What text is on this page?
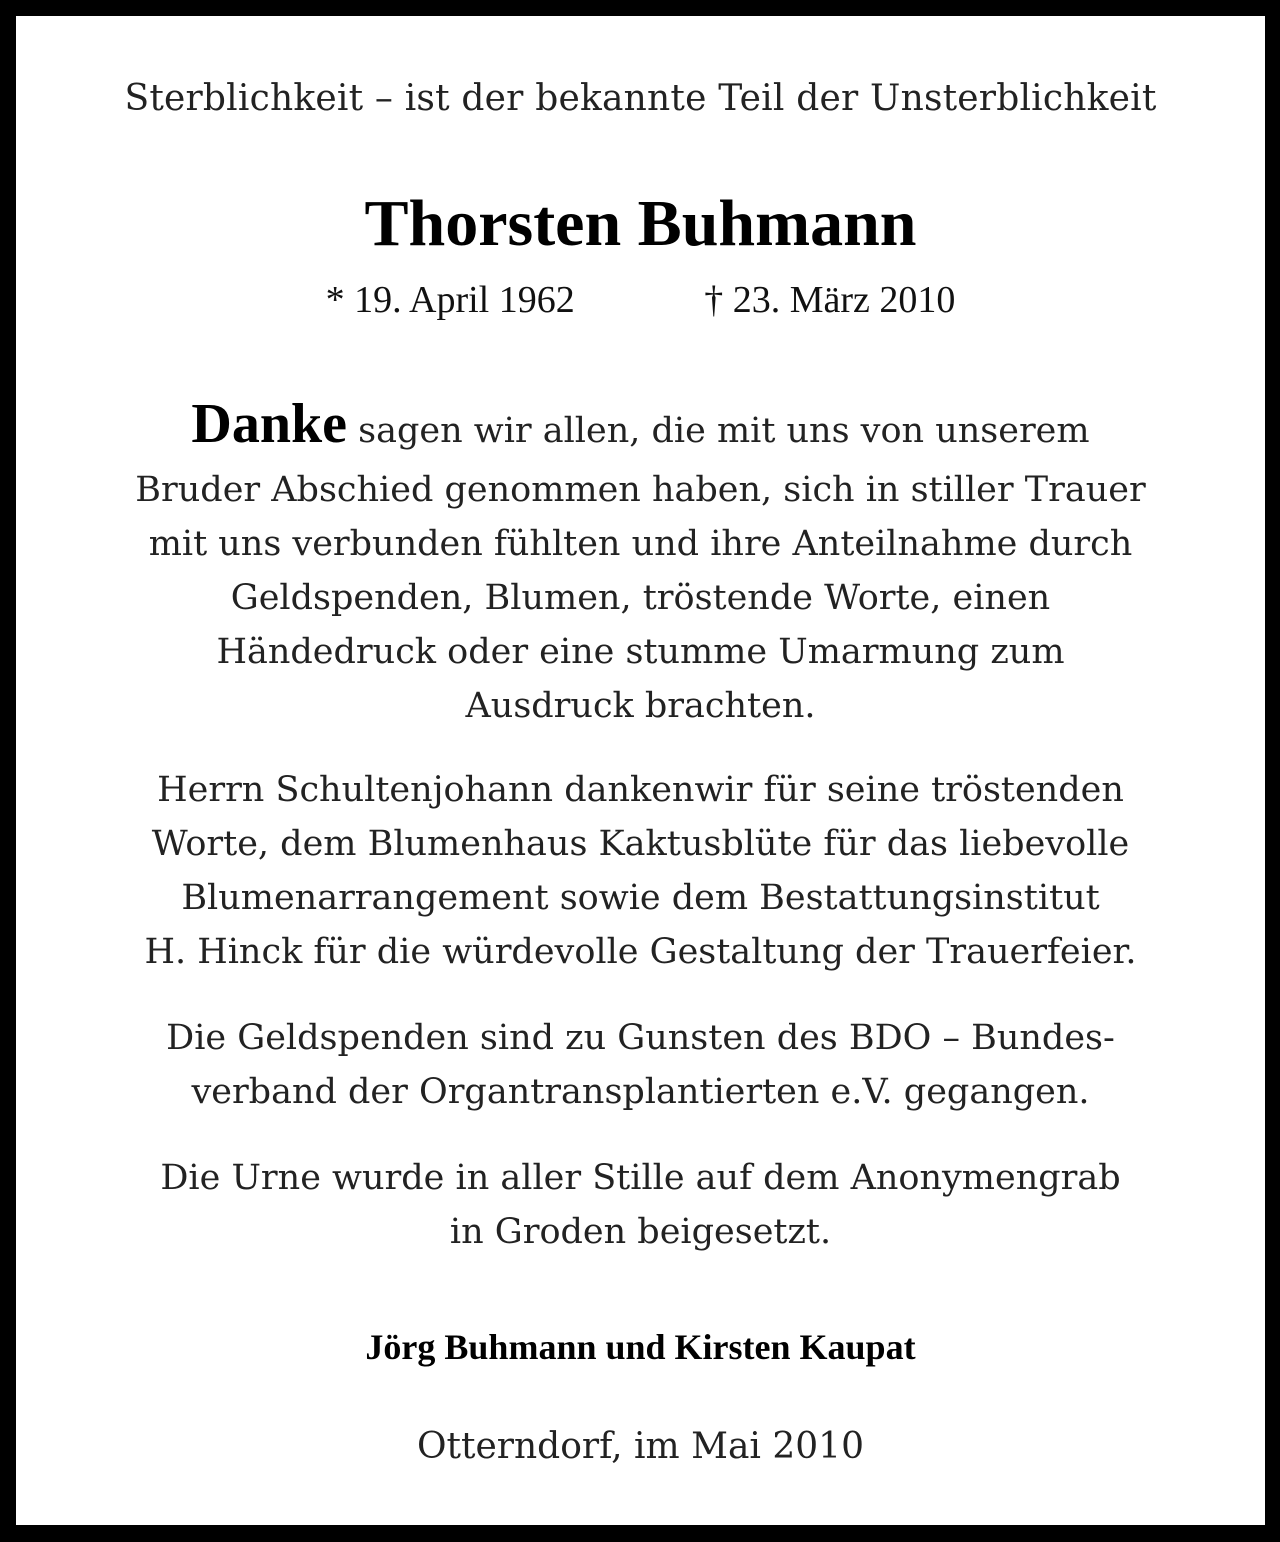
Sterblichkeit – ist der bekannte Teil der Unsterblichkeit
Thorsten Buhmann
* 19. April 1962	† 23. März 2010
Danke sagen wir allen, die mit uns von unserem
Bruder Abschied genommen haben, sich in stiller Trauer
mit uns verbunden fühlten und ihre Anteilnahme durch
Geldspenden, Blumen, tröstende Worte, einen
Händedruck oder eine stumme Umarmung zum
Ausdruck brachten.
Herrn Schultenjohann dankenwir für seine tröstenden
Worte, dem Blumenhaus Kaktusblüte für das liebevolle
Blumenarrangement sowie dem Bestattungsinstitut
H. Hinck für die würdevolle Gestaltung der Trauerfeier.
Die Geldspenden sind zu Gunsten des BDO – Bundes-
verband der Organtransplantierten e.V. gegangen.
Die Urne wurde in aller Stille auf dem Anonymengrab
in Groden beigesetzt.
Jörg Buhmann und Kirsten Kaupat
Otterndorf, im Mai 2010
